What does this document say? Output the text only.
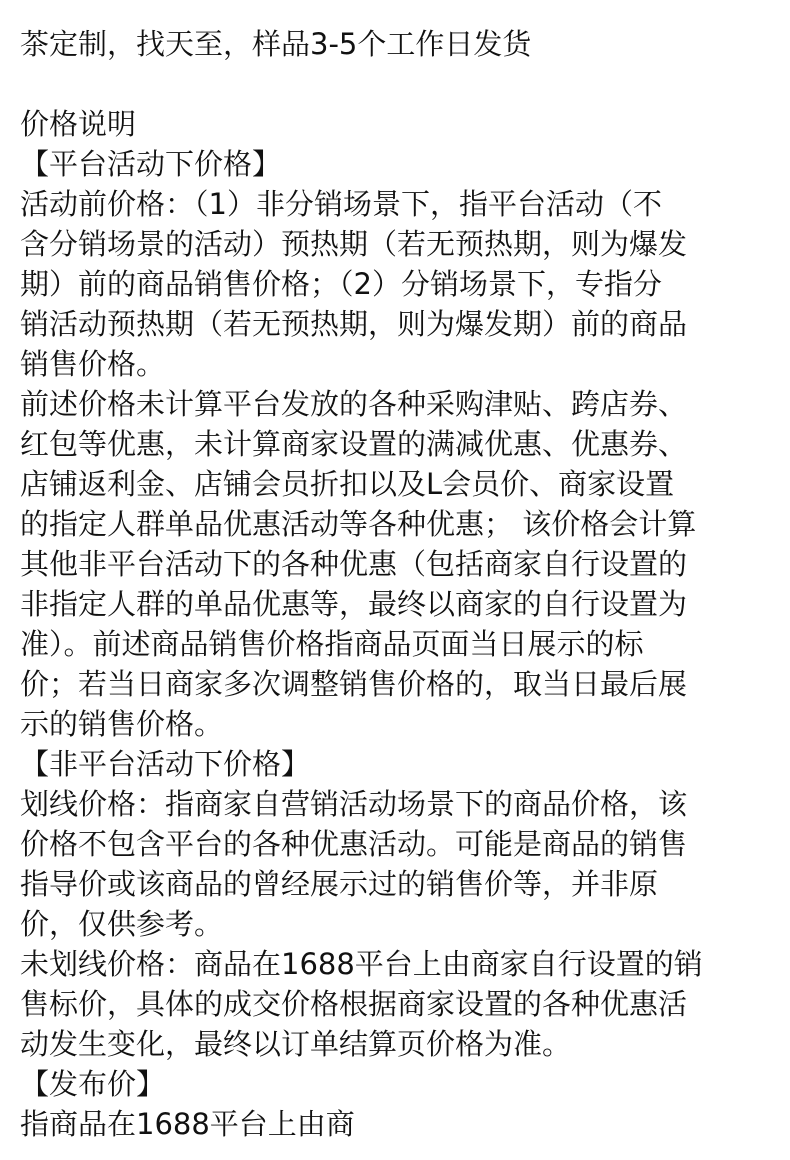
茶定制，找天至，样品3-5个工作日发货
价格说明
【平台活动下价格】
活动前价格：（1）非分销场景下，指平台活动（不
含分销场景的活动）预热期（若无预热期，则为爆发
期）前的商品销售价格；（2）分销场景下，专指分
销活动预热期（若无预热期，则为爆发期）前的商品
销售价格。
前述价格未计算平台发放的各种采购津贴、跨店券、
红包等优惠，未计算商家设置的满减优惠、优惠券、
店铺返利金、店铺会员折扣以及L会员价、商家设置
的指定人群单品优惠活动等各种优惠； 该价格会计算
其他非平台活动下的各种优惠（包括商家自行设置的
非指定人群的单品优惠等，最终以商家的自行设置为
准）。前述商品销售价格指商品页面当日展示的标
价；若当日商家多次调整销售价格的，取当日最后展
示的销售价格。
【非平台活动下价格】
划线价格：指商家自营销活动场景下的商品价格，该
价格不包含平台的各种优惠活动。可能是商品的销售
指导价或该商品的曾经展示过的销售价等，并非原
价，仅供参考。
未划线价格：商品在1688平台上由商家自行设置的销
售标价，具体的成交价格根据商家设置的各种优惠活
动发生变化，最终以订单结算页价格为准。
【发布价】
指商品在1688平台上由商
